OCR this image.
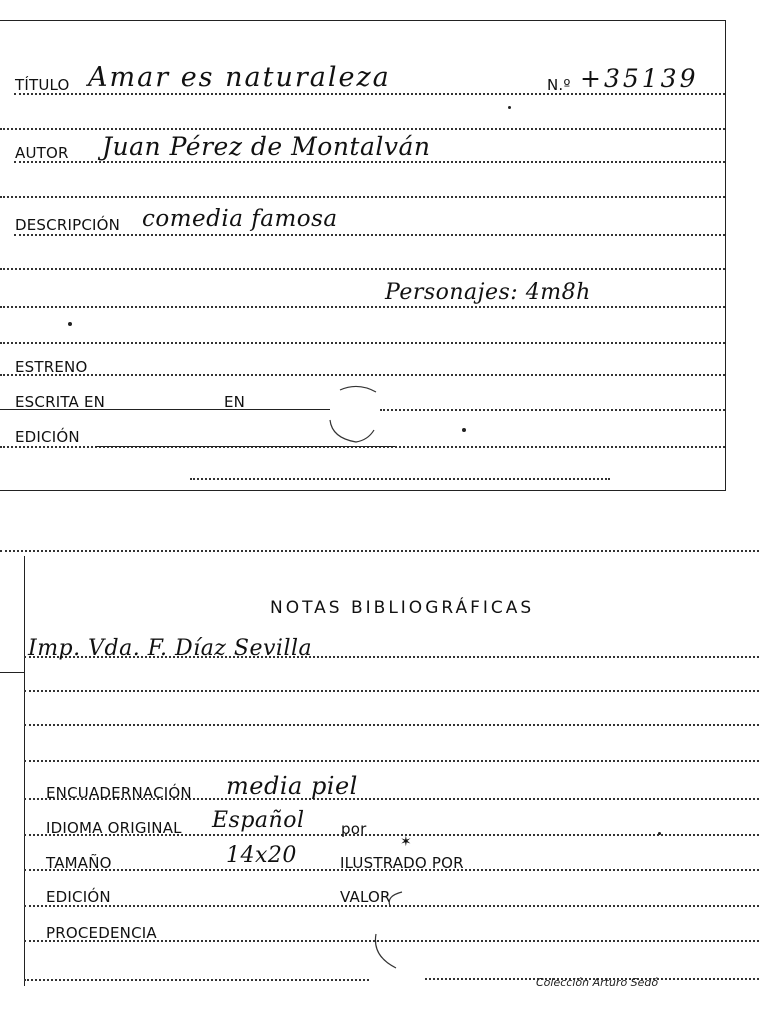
TÍTULO Amar es naturaleza	N.º +35139
AUTOR Juan Pérez de Montalván
DESCRIPCIÓN comedia famosa
Personajes: 4m8h
ESTRENO
ESCRITA EN	EN
EDICIÓN
NOTAS BIBLIOGRÁFICAS
Imp. Vda. F. Díaz Sevilla
ENCUADERNACIÓN media piel
IDIOMA ORIGINAL Español por
TAMAÑO	14x20	ILUSTRADO POR
✶
EDICIÓN	VALOR
PROCEDENCIA
Colección Arturo Sedó
